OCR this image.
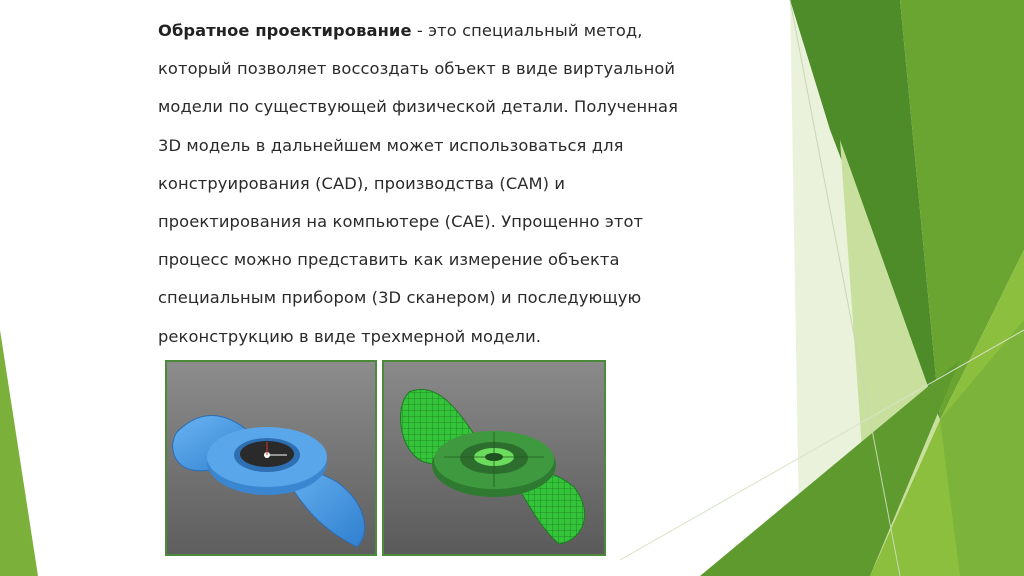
Обратное проектирование - это специальный метод,
который позволяет воссоздать объект в виде виртуальной
модели по существующей физической детали. Полученная
3D модель в дальнейшем может использоваться для
конструирования (CAD), производства (CAM) и
проектирования на компьютере (CAE). Упрощенно этот
процесс можно представить как измерение объекта
специальным прибором (3D сканером) и последующую
реконструкцию в виде трехмерной модели.
